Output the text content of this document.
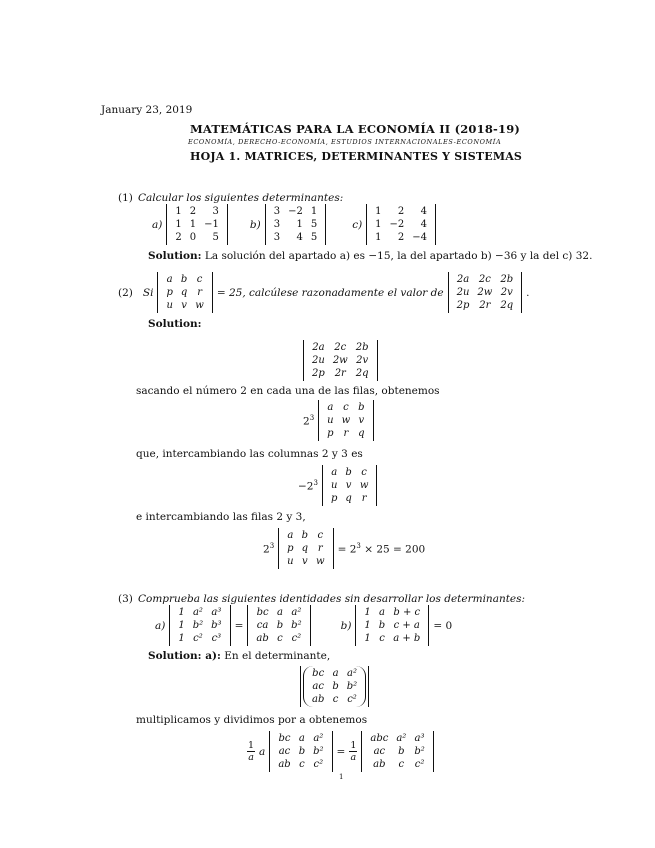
January 23, 2019
MATEMÁTICAS PARA LA ECONOMÍA II (2018-19)
ECONOMÍA, DERECHO-ECONOMÍA, ESTUDIOS INTERNACIONALES-ECONOMÍA
HOJA 1. MATRICES, DETERMINANTES Y SISTEMAS
(1) Calcular los siguientes determinantes:
a)
1	2	3
1	1	−1
2	0	5
b)
3	−2	1
3	1	5
3	4	5
c)
1	2	4
1	−2	4
1	2	−4
Solution: La solución del apartado a) es −15, la del apartado b) −36 y la del c) 32.
(2) Si
a	b	c
p	q	r
u	v	w
= 25, calcúlese razonadamente el valor de
2a	2c	2b
2u	2w	2v
2p	2r	2q
.
Solution:
2a	2c	2b
2u	2w	2v
2p	2r	2q
sacando el número 2 en cada una de las filas, obtenemos
$2^3$
a	c	b
u	w	v
p	r	q
que, intercambiando las columnas 2 y 3 es
$-2^3$
a	b	c
u	v	w
p	q	r
e intercambiando las filas 2 y 3,
$2^3$
a	b	c
p	q	r
u	v	w
= $2^3 \times 25 = 200$
(3) Comprueba las siguientes identidades sin desarrollar los determinantes:
a)
1	a²	a³
1	b²	b³
1	c²	c³
=
bc	a	a²
ca	b	b²
ab	c	c²
b)
1	a	b + c
1	b	c + a
1	c	a + b
= 0
Solution: a): En el determinante,
bc	a	a²
ac	b	b²
ab	c	c²
multiplicamos y dividimos por a obtenemos
$\frac{1}{a}$ a
bc	a	a²
ac	b	b²
ab	c	c²
= $\frac{1}{a}$
abc	a²	a³
ac	b	b²
ab	c	c²
1
